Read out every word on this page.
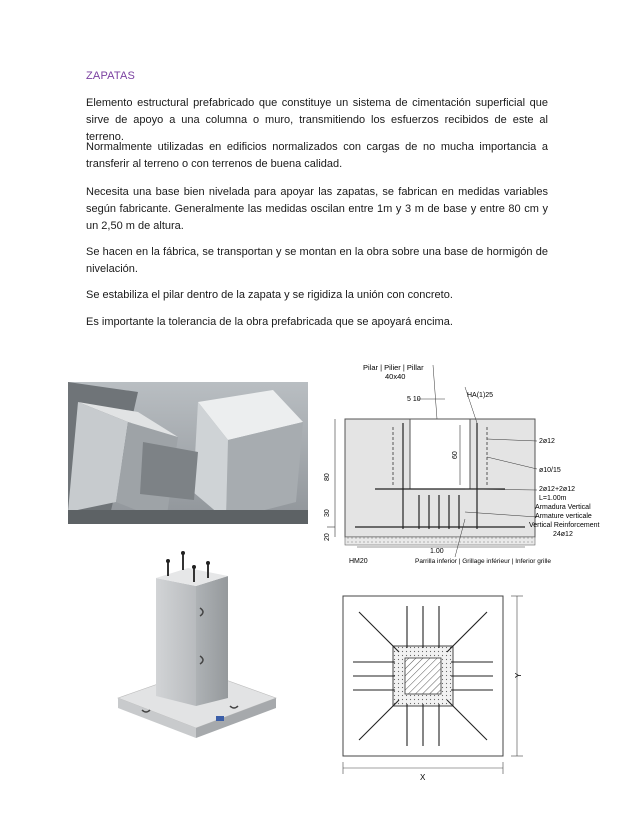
ZAPATAS

Elemento estructural prefabricado que constituye un sistema de cimentación superficial que sirve de apoyo a una columna o muro, transmitiendo los esfuerzos recibidos de este al terreno.

Normalmente utilizadas en edificios normalizados con cargas de no mucha importancia a transferir al terreno o con terrenos de buena calidad.

Necesita una base bien nivelada para apoyar las zapatas, se fabrican en medidas variables según fabricante. Generalmente las medidas oscilan entre 1m y 3 m de base y entre 80 cm y un 2,50 m de altura.

Se hacen en la fábrica, se transportan y se montan en la obra sobre una base de hormigón de nivelación.

Se estabiliza el pilar dentro de la zapata y se rigidiza la unión con concreto.

Es importante la tolerancia de la obra prefabricada que se apoyará encima.

Pilar | Pilier | Pillar
40x40
5 10
HA(1)25
80
60
30
20
2ø12
ø10/15
2ø12+2ø12
L=1.00m
Armadura Vertical
Armature verticale
Vertical Reinforcement
24ø12
1.00
HM20	Parrilla inferior | Grillage inférieur | Inferior grille
X
Y
